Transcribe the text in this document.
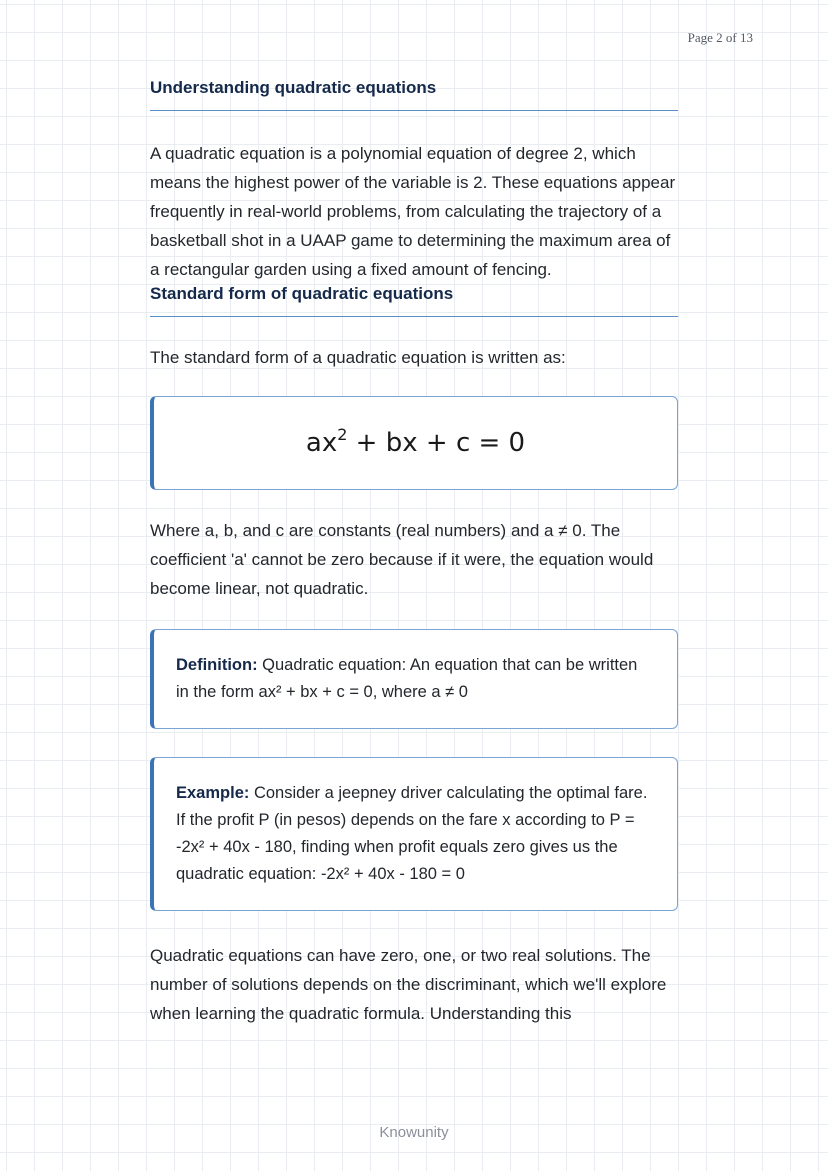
Page 2 of 13
Understanding quadratic equations

A quadratic equation is a polynomial equation of degree 2, which means the highest power of the variable is 2. These equations appear frequently in real-world problems, from calculating the trajectory of a basketball shot in a UAAP game to determining the maximum area of a rectangular garden using a fixed amount of fencing.

Standard form of quadratic equations

The standard form of a quadratic equation is written as:

$ax^2$ + bx + c = 0

Where a, b, and c are constants (real numbers) and a ≠ 0. The coefficient 'a' cannot be zero because if it were, the equation would become linear, not quadratic.

Definition: Quadratic equation: An equation that can be written in the form ax² + bx + c = 0, where a ≠ 0

Example: Consider a jeepney driver calculating the optimal fare. If the profit P (in pesos) depends on the fare x according to P = -2x² + 40x - 180, finding when profit equals zero gives us the quadratic equation: -2x² + 40x - 180 = 0

Quadratic equations can have zero, one, or two real solutions. The number of solutions depends on the discriminant, which we'll explore when learning the quadratic formula. Understanding this

Knowunity
